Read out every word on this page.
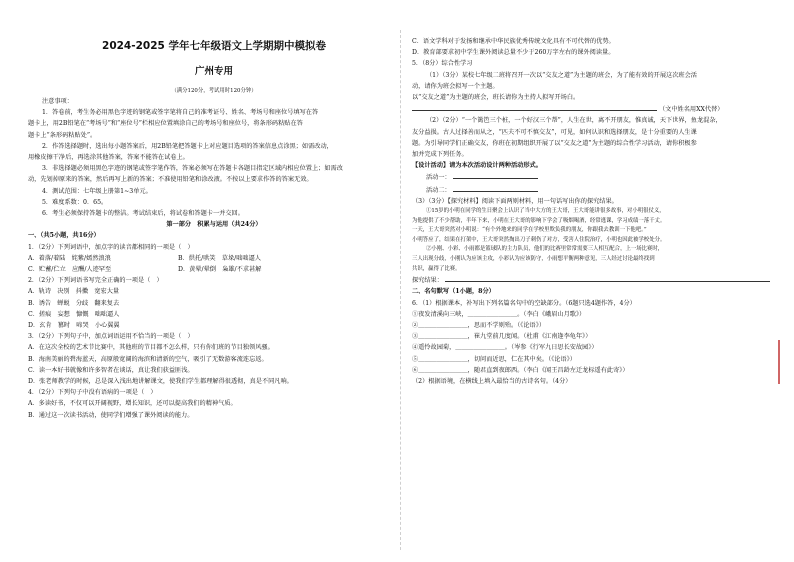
2024-2025 学年七年级语文上学期期中模拟卷
广州专用
（满分120分，考试用时120分钟）
注意事项：
1．答卷前，考生务必用黑色字迹的钢笔或签字笔将自己的准考证号、姓名、考场号和座位号填写在答
题卡上，用2B铅笔在“考场号”和“座位号”栏相应位置填涂自己的考场号和座位号，将条形码粘贴在答
题卡上“条形码粘贴处”。
2．作答选择题时，选出每小题答案后，用2B铅笔把答题卡上对应题目选项的答案信息点涂黑；如需改动，
用橡皮擦干净后，再选涂其他答案，答案不能答在试卷上。
3．非选择题必须用黑色字迹的钢笔或签字笔作答，答案必须写在答题卡各题目指定区域内相应位置上；如需改
动，先划掉原来的答案，然后再写上新的答案；不准使用铅笔和涂改液。不按以上要求作答的答案无效。
4．测试范围：七年级上册第1~3单元。
5．难度系数：0．65。
6．考生必须保持答题卡的整洁。考试结束后，将试卷和答题卡一并交回。
第一部分　积累与运用（共24分）
一、（共5小题，共16分）
1．（2分）下列词语中，加点字的读音都相同的一项是（　）
A．着落/着陆　姹紫/嫣然浪浪	B．烘托/哄笑　草垛/咄咄逼人
C．贮蓄/伫立　应酬/人迹罕至	D．黄晕/晕倒　枭雄/不求甚解
2．（2分）下列词语书写完全正确的一项是（　）
A．轨诗　决别　抖擞　宽宏大量
B．诱告　蝉蜕　分歧　翻来复去
C．搓痕　妄想　慷慨　咄咄逼人
D．玄肯　篡时　啼哭　小心翼翼
3．（2分）下列句子中，加点词语运用不恰当的一项是（　）
A．在这次全校的艺术节比赛中，其他班的节目都不怎么样，只有你们班的节目独领风骚。
B．海南美丽的碧海蓝天，高原般宽阔的海滨和清新的空气，吸引了无数游客流连忘返。
C．读一本好书就像和许多智者在谈话，真让我们获益匪浅。
D．张老师教学的时候，总是深入浅出地讲解课文，使我们学生都理解得很透彻，真是不同凡响。
4．（2分）下列句子中没有语病的一项是（　）
A．多读好书，不仅可以开阔视野，增长知识，还可以提高我们的精神气质。
B．通过这一次读书活动，使同学们增强了课外阅读的能力。
C．语文学科对于发扬和继承中华民族优秀传统文化具有不可代替的优势。
D．教育部要求初中学生课外阅读总量不少于260万字左右的课外阅读量。
5．（8分）综合性学习
（1）（3分）某校七年级二班将召开一次以“交友之道”为主题的班会，为了能有效的开展这次班会活
动，请你为班会拟写一个主题。
以“交友之道”为主题的班会，班长请你为主持人拟写开场白。
（文中姓名用XX代替）
（2）（2分）“一个篱笆三个桩，一个好汉三个帮”，人生在世，离不开朋友，惟真诚，天下世界，鱼龙混杂，
友分益损。古人过择善而从之，“匹夫不可不慎交友”，可见，如何认识和选择朋友，是十分重要的人生课
题。为引导同学们正确交友，你班在初期组织开展了以“交友之道”为主题的综合性学习活动，请你积极参
加并完成下列任务。
【设计活动】请为本次活动设计两种活动形式。
活动一：
活动二：
（3）（3分）【探究材料】阅读下面两则材料，用一句话写出你的探究结果。
①15岁的小明在同学的生日聚会上认识了当中大方的王大哥，王大哥能讲很多故事，对小明很仗义，
为他提供了不少帮助，半年下来，小明在王大哥的影响下学会了吸烟喝酒，经常逃课，学习成绩一落千丈。
一天，王大哥突然对小明说：“有个外地来的同学在学校里欺负我的朋友，你跟我去教训一下他吧。”
小明答应了，结果在打架中，王大哥突然掏出刀子刺伤了对方，受害人住院治疗，小明也因此被学校处分。
②小刚、小彩、小雨都是篮球队的主力队员，他们的比赛里常常需要三人相互配合，上一场比赛时，
三人出现分歧，小刚认为应该主攻，小彩认为应该防守，小雨想平衡两种意见，三人经过讨论最终找到
共识，赢得了比赛。
探究结果：
二、名句默写（1小题，8分）
6．（1）根据课本，补写出下列名篇名句中的空缺部分。（6题只选4题作答，4分）
①夜发清溪向三峡，＿＿＿＿＿＿＿＿。（李白《峨眉山月歌》）
②＿＿＿＿＿＿＿＿，思而不学则殆。（《论语》）
③＿＿＿＿＿＿＿＿，崔九堂前几度闻。（杜甫《江南逢李龟年》）
④遥怜故园菊，＿＿＿＿＿＿＿＿。（岑参《行军九日思长安故园》）
⑤＿＿＿＿＿＿＿＿，切问而近思，仁在其中矣。（《论语》）
⑥＿＿＿＿＿＿＿＿，随君直到夜郎西。（李白《闻王昌龄左迁龙标遥有此寄》）
（2）根据语境，在横线上填入最恰当的古诗名句。（4分）
